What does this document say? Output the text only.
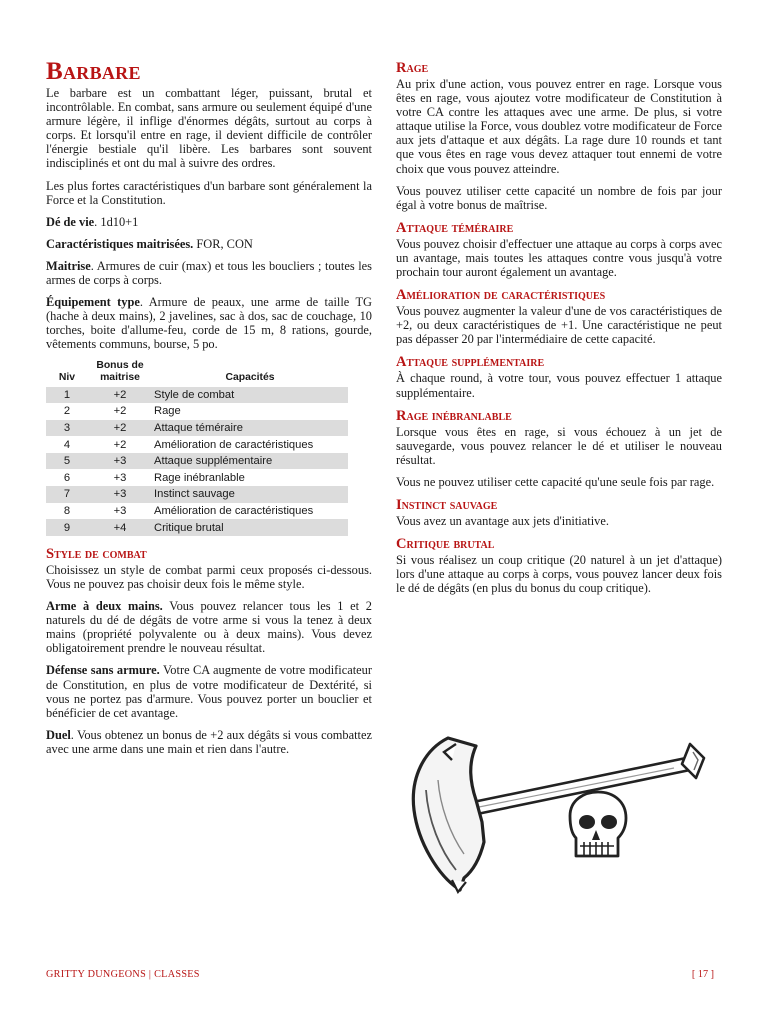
Barbare

Le barbare est un combattant léger, puissant, brutal et incontrôlable. En combat, sans armure ou seulement équipé d'une armure légère, il inflige d'énormes dégâts, surtout au corps à corps. Et lorsqu'il entre en rage, il devient difficile de contrôler l'énergie bestiale qu'il libère. Les barbares sont souvent indisciplinés et ont du mal à suivre des ordres.

Les plus fortes caractéristiques d'un barbare sont généralement la Force et la Constitution.

Dé de vie. 1d10+1

Caractéristiques maitrisées. FOR, CON

Maitrise. Armures de cuir (max) et tous les boucliers ; toutes les armes de corps à corps.

Équipement type. Armure de peaux, une arme de taille TG (hache à deux mains), 2 javelines, sac à dos, sac de couchage, 10 torches, boite d'allume-feu, corde de 15 m, 8 rations, gourde, vêtements communs, bourse, 5 po.

Niv	Bonus de maitrise	Capacités
1	+2	Style de combat
2	+2	Rage
3	+2	Attaque téméraire
4	+2	Amélioration de caractéristiques
5	+3	Attaque supplémentaire
6	+3	Rage inébranlable
7	+3	Instinct sauvage
8	+3	Amélioration de caractéristiques
9	+4	Critique brutal
Style de combat

Choisissez un style de combat parmi ceux proposés ci-dessous. Vous ne pouvez pas choisir deux fois le même style.

Arme à deux mains. Vous pouvez relancer tous les 1 et 2 naturels du dé de dégâts de votre arme si vous la tenez à deux mains (propriété polyvalente ou à deux mains). Vous devez obligatoirement prendre le nouveau résultat.

Défense sans armure. Votre CA augmente de votre modificateur de Constitution, en plus de votre modificateur de Dextérité, si vous ne portez pas d'armure. Vous pouvez porter un bouclier et bénéficier de cet avantage.

Duel. Vous obtenez un bonus de +2 aux dégâts si vous combattez avec une arme dans une main et rien dans l'autre.

Rage

Au prix d'une action, vous pouvez entrer en rage. Lorsque vous êtes en rage, vous ajoutez votre modificateur de Constitution à votre CA contre les attaques avec une arme. De plus, si votre attaque utilise la Force, vous doublez votre modificateur de Force aux jets d'attaque et aux dégâts. La rage dure 10 rounds et tant que vous êtes en rage vous devez attaquer tout ennemi de votre choix que vous pouvez atteindre.

Vous pouvez utiliser cette capacité un nombre de fois par jour égal à votre bonus de maîtrise.

Attaque téméraire

Vous pouvez choisir d'effectuer une attaque au corps à corps avec un avantage, mais toutes les attaques contre vous jusqu'à votre prochain tour auront également un avantage.

Amélioration de caractéristiques

Vous pouvez augmenter la valeur d'une de vos caractéristiques de +2, ou deux caractéristiques de +1. Une caractéristique ne peut pas dépasser 20 par l'intermédiaire de cette capacité.

Attaque supplémentaire

À chaque round, à votre tour, vous pouvez effectuer 1 attaque supplémentaire.

Rage inébranlable

Lorsque vous êtes en rage, si vous échouez à un jet de sauvegarde, vous pouvez relancer le dé et utiliser le nouveau résultat.

Vous ne pouvez utiliser cette capacité qu'une seule fois par rage.

Instinct sauvage

Vous avez un avantage aux jets d'initiative.

Critique brutal

Si vous réalisez un coup critique (20 naturel à un jet d'attaque) lors d'une attaque au corps à corps, vous pouvez lancer deux fois le dé de dégâts (en plus du bonus du coup critique).

GRITTY DUNGEONS | CLASSES	[ 17 ]
